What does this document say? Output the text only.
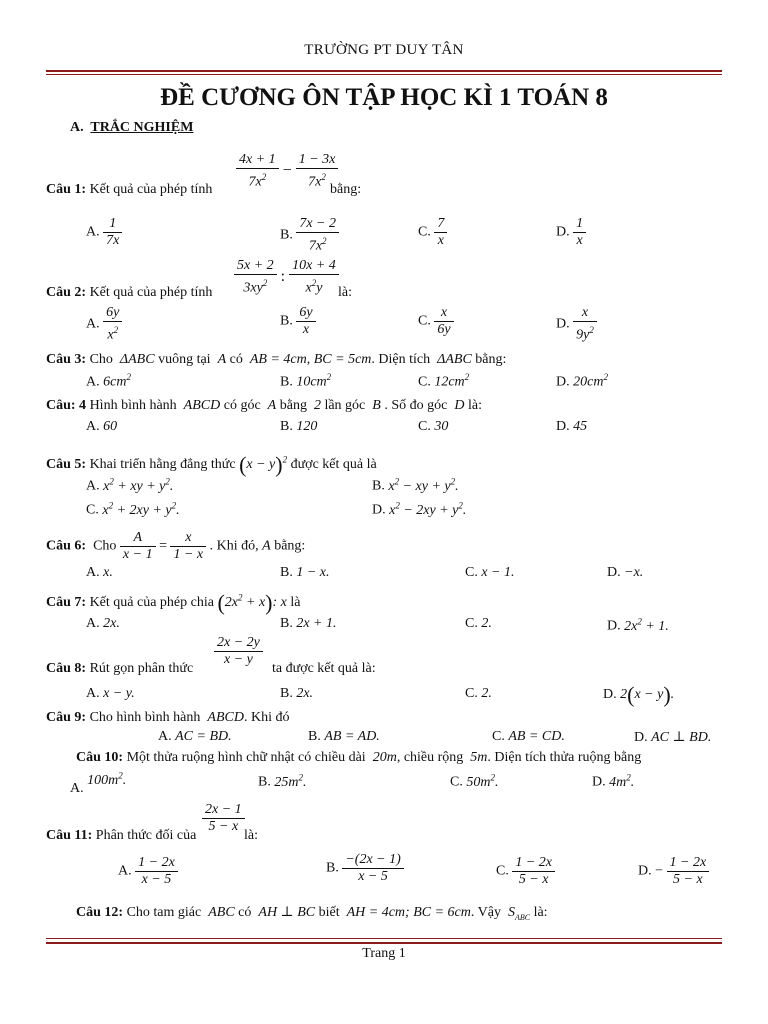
TRƯỜNG PT DUY TÂN
ĐỀ CƯƠNG ÔN TẬP HỌC KÌ 1 TOÁN 8
A. TRẮC NGHIỆM
$\frac{4x + 1}{7x^2} - \frac{1 - 3x}{7x^2}$
Câu 1: Kết quả của phép tính	bằng:
A. $\frac{1}{7x}$	B. $\frac{7x - 2}{7x^2}$	C. $\frac{7}{x}$	D. $\frac{1}{x}$
$\frac{5x + 2}{3xy^2}$ : $\frac{10x + 4}{x^2y}$
Câu 2: Kết quả của phép tính	là:
A. $\frac{6y}{x^2}$	B. $\frac{6y}{x}$	C. $\frac{x}{6y}$	D. $\frac{x}{9y^2}$
Câu 3: Cho  ΔABC vuông tại  A có  AB = 4cm, BC = 5cm. Diện tích  ΔABC bằng:
A. $6cm^2$	B. $10cm^2$	C. $12cm^2$	D. $20cm^2$
Câu: 4 Hình bình hành  ABCD có góc  A bằng  2 lần góc  B . Số đo góc  D là:
A. 60	B. 120	C. 30	D. 45
Câu 5: Khai triển hằng đẳng thức $(x - y)^2$ được kết quả là
A. $x^2$ + xy + $y^2$.	B. $x^2$ − xy + $y^2$.
C. $x^2 + 2xy + y^2$.	D. $x^2 - 2xy + y^2$.
Câu 6: Cho $\frac{A}{x - 1} = \frac{x}{1 - x}$ . Khi đó, A bằng:
A. x.	B. 1 − x.	C. x − 1.	D. −x.
Câu 7: Kết quả của phép chia $(2x^2 + x)$: x là
A. 2x.	B. 2x + 1.	C. 2.	D. $2x^2 + 1$.
$\frac{2x - 2y}{x - y}$
Câu 8: Rút gọn phân thức	ta được kết quả là:
A. x − y.	B. 2x.	C. 2.	D. 2(x − y).
Câu 9: Cho hình bình hành  ABCD. Khi đó
A. AC = BD.	B. AB = AD.	C. AB = CD.	D. AC ⊥ BD.
Câu 10: Một thửa ruộng hình chữ nhật có chiều dài  20m, chiều rộng  5m. Diện tích thửa ruộng bằng
A. $100m^2$.	B. $25m^2$.	C. $50m^2$.	D. $4m^2$.
$\frac{2x - 1}{5 - x}$
Câu 11: Phân thức đối của	là:
A. $\frac{1 - 2x}{x - 5}$	B. $\frac{-(2x - 1)}{x - 5}$	C. $\frac{1 - 2x}{5 - x}$	D. − $\frac{1 - 2x}{5 - x}$
Câu 12: Cho tam giác  ABC có  AH ⊥ BC biết  AH = 4cm; BC = 6cm. Vậy  $S_{ABC}$ là:
Trang 1
